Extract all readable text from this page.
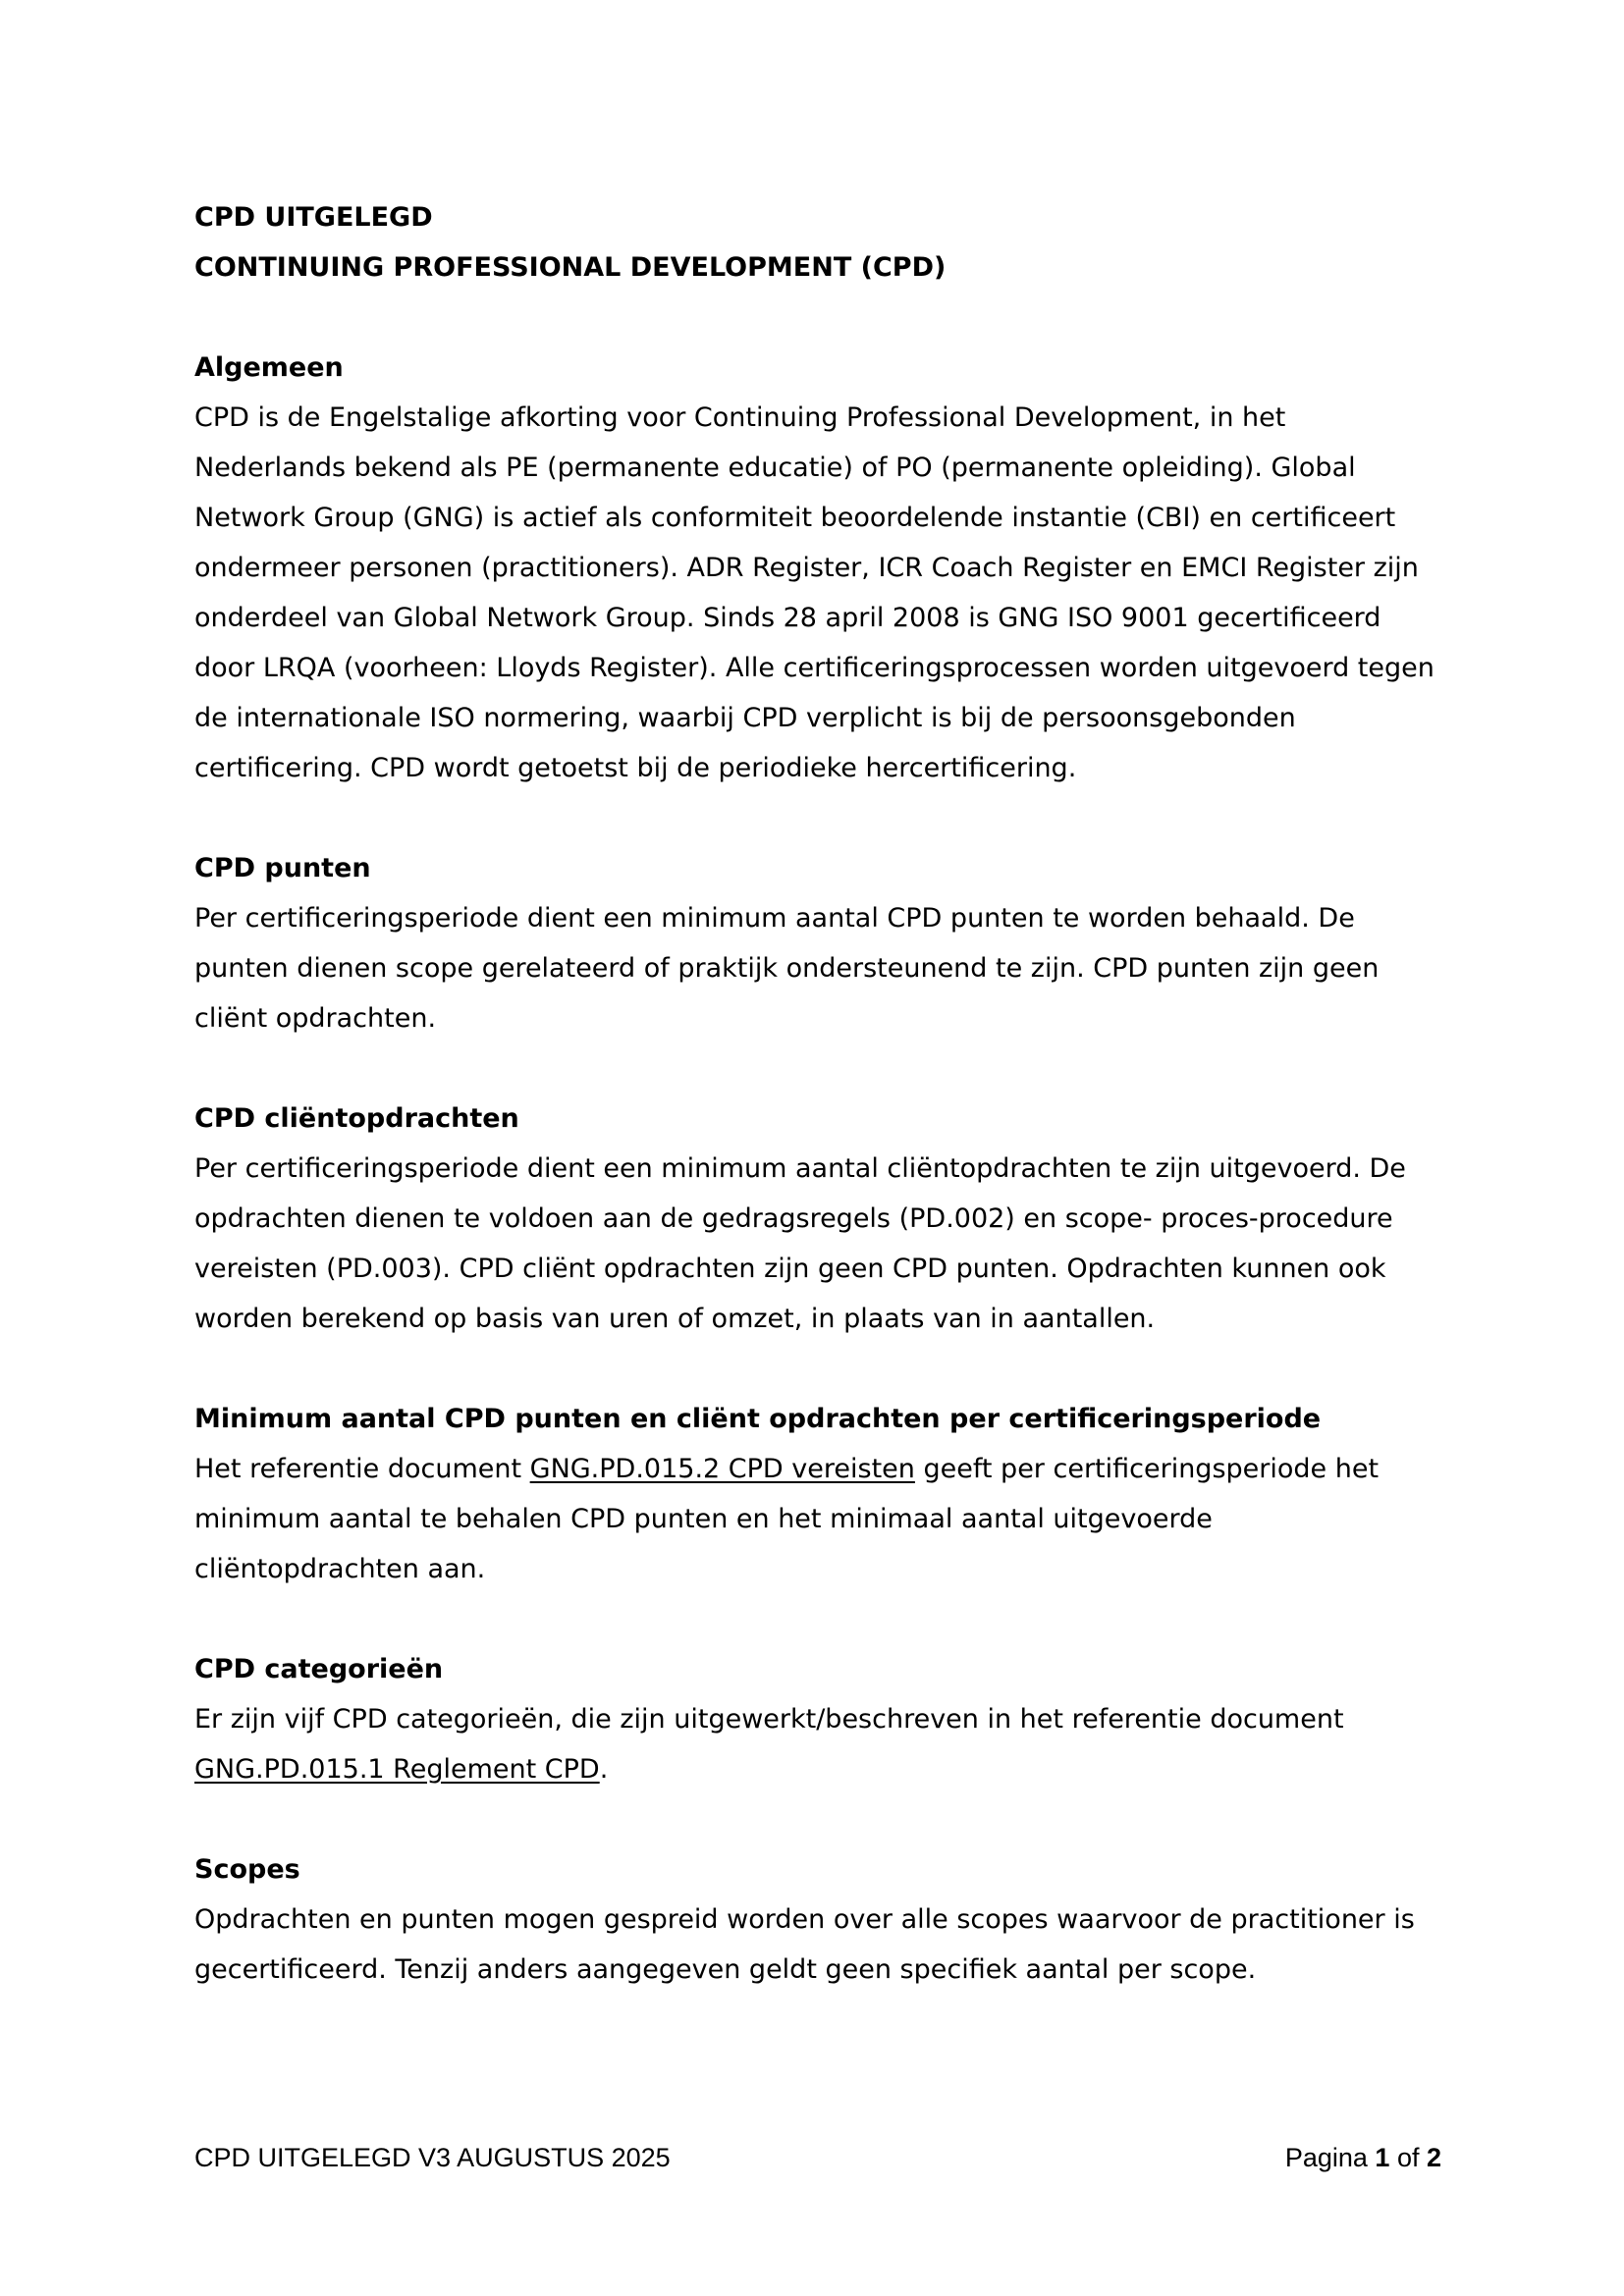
CPD UITGELEGD

CONTINUING PROFESSIONAL DEVELOPMENT (CPD)

Algemeen

CPD is de Engelstalige afkorting voor Continuing Professional Development, in het Nederlands bekend als PE (permanente educatie) of PO (permanente opleiding). Global Network Group (GNG) is actief als conformiteit beoordelende instantie (CBI) en certificeert ondermeer personen (practitioners). ADR Register, ICR Coach Register en EMCI Register zijn onderdeel van Global Network Group. Sinds 28 april 2008 is GNG ISO 9001 gecertificeerd door LRQA (voorheen: Lloyds Register). Alle certificeringsprocessen worden uitgevoerd tegen de internationale ISO normering, waarbij CPD verplicht is bij de persoonsgebonden certificering. CPD wordt getoetst bij de periodieke hercertificering.

CPD punten

Per certificeringsperiode dient een minimum aantal CPD punten te worden behaald. De punten dienen scope gerelateerd of praktijk ondersteunend te zijn. CPD punten zijn geen cliënt opdrachten.

CPD cliëntopdrachten

Per certificeringsperiode dient een minimum aantal cliëntopdrachten te zijn uitgevoerd. De opdrachten dienen te voldoen aan de gedragsregels (PD.002) en scope- proces-procedure vereisten (PD.003). CPD cliënt opdrachten zijn geen CPD punten. Opdrachten kunnen ook worden berekend op basis van uren of omzet, in plaats van in aantallen.

Minimum aantal CPD punten en cliënt opdrachten per certificeringsperiode

Het referentie document GNG.PD.015.2 CPD vereisten geeft per certificeringsperiode het minimum aantal te behalen CPD punten en het minimaal aantal uitgevoerde cliëntopdrachten aan.

CPD categorieën

Er zijn vijf CPD categorieën, die zijn uitgewerkt/beschreven in het referentie document GNG.PD.015.1 Reglement CPD.

Scopes

Opdrachten en punten mogen gespreid worden over alle scopes waarvoor de practitioner is gecertificeerd. Tenzij anders aangegeven geldt geen specifiek aantal per scope.

CPD UITGELEGD V3 AUGUSTUS 2025	Pagina 1 of 2
